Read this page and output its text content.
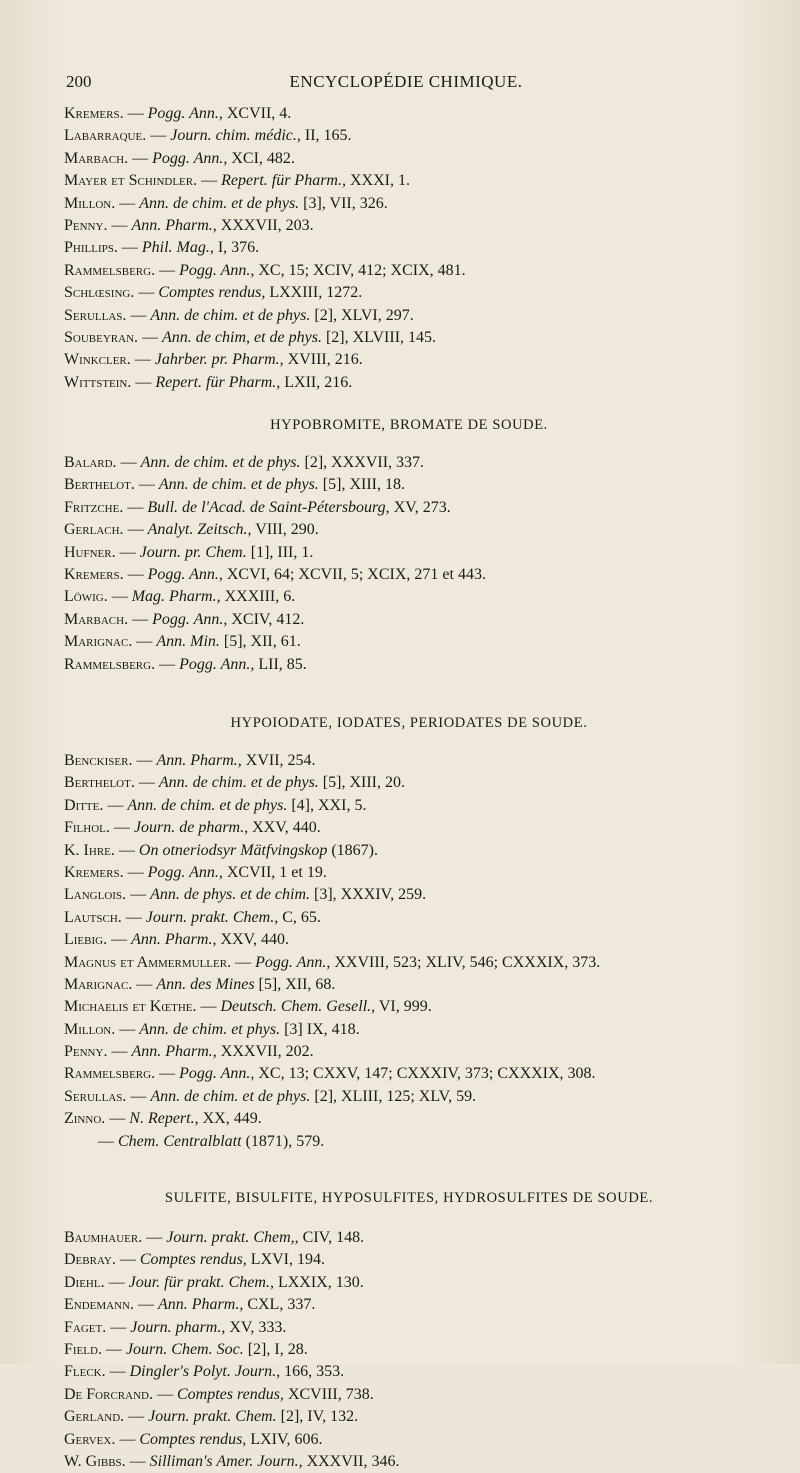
200	ENCYCLOPÉDIE CHIMIQUE.
Kremers. — Pogg. Ann., XCVII, 4.
Labarraque. — Journ. chim. médic., II, 165.
Marbach. — Pogg. Ann., XCI, 482.
Mayer et Schindler. — Repert. für Pharm., XXXI, 1.
Millon. — Ann. de chim. et de phys. [3], VII, 326.
Penny. — Ann. Pharm., XXXVII, 203.
Phillips. — Phil. Mag., I, 376.
Rammelsberg. — Pogg. Ann., XC, 15; XCIV, 412; XCIX, 481.
Schlœsing. — Comptes rendus, LXXIII, 1272.
Serullas. — Ann. de chim. et de phys. [2], XLVI, 297.
Soubeyran. — Ann. de chim, et de phys. [2], XLVIII, 145.
Winkcler. — Jahrber. pr. Pharm., XVIII, 216.
Wittstein. — Repert. für Pharm., LXII, 216.
HYPOBROMITE, BROMATE DE SOUDE.
Balard. — Ann. de chim. et de phys. [2], XXXVII, 337.
Berthelot. — Ann. de chim. et de phys. [5], XIII, 18.
Fritzche. — Bull. de l'Acad. de Saint-Pétersbourg, XV, 273.
Gerlach. — Analyt. Zeitsch., VIII, 290.
Hufner. — Journ. pr. Chem. [1], III, 1.
Kremers. — Pogg. Ann., XCVI, 64; XCVII, 5; XCIX, 271 et 443.
Löwig. — Mag. Pharm., XXXIII, 6.
Marbach. — Pogg. Ann., XCIV, 412.
Marignac. — Ann. Min. [5], XII, 61.
Rammelsberg. — Pogg. Ann., LII, 85.
HYPOIODATE, IODATES, PERIODATES DE SOUDE.
Benckiser. — Ann. Pharm., XVII, 254.
Berthelot. — Ann. de chim. et de phys. [5], XIII, 20.
Ditte. — Ann. de chim. et de phys. [4], XXI, 5.
Filhol. — Journ. de pharm., XXV, 440.
K. Ihre. — On otneriodsyr Mätfvingskop (1867).
Kremers. — Pogg. Ann., XCVII, 1 et 19.
Langlois. — Ann. de phys. et de chim. [3], XXXIV, 259.
Lautsch. — Journ. prakt. Chem., C, 65.
Liebig. — Ann. Pharm., XXV, 440.
Magnus et Ammermuller. — Pogg. Ann., XXVIII, 523; XLIV, 546; CXXXIX, 373.
Marignac. — Ann. des Mines [5], XII, 68.
Michaelis et Kœthe. — Deutsch. Chem. Gesell., VI, 999.
Millon. — Ann. de chim. et phys. [3] IX, 418.
Penny. — Ann. Pharm., XXXVII, 202.
Rammelsberg. — Pogg. Ann., XC, 13; CXXV, 147; CXXXIV, 373; CXXXIX, 308.
Serullas. — Ann. de chim. et de phys. [2], XLIII, 125; XLV, 59.
Zinno. — N. Repert., XX, 449.
— Chem. Centralblatt (1871), 579.
SULFITE, BISULFITE, HYPOSULFITES, HYDROSULFITES DE SOUDE.
Baumhauer. — Journ. prakt. Chem,, CIV, 148.
Debray. — Comptes rendus, LXVI, 194.
Diehl. — Jour. für prakt. Chem., LXXIX, 130.
Endemann. — Ann. Pharm., CXL, 337.
Faget. — Journ. pharm., XV, 333.
Field. — Journ. Chem. Soc. [2], I, 28.
Fleck. — Dingler's Polyt. Journ., 166, 353.
De Forcrand. — Comptes rendus, XCVIII, 738.
Gerland. — Journ. prakt. Chem. [2], IV, 132.
Gervex. — Comptes rendus, LXIV, 606.
W. Gibbs. — Silliman's Amer. Journ., XXXVII, 346.
